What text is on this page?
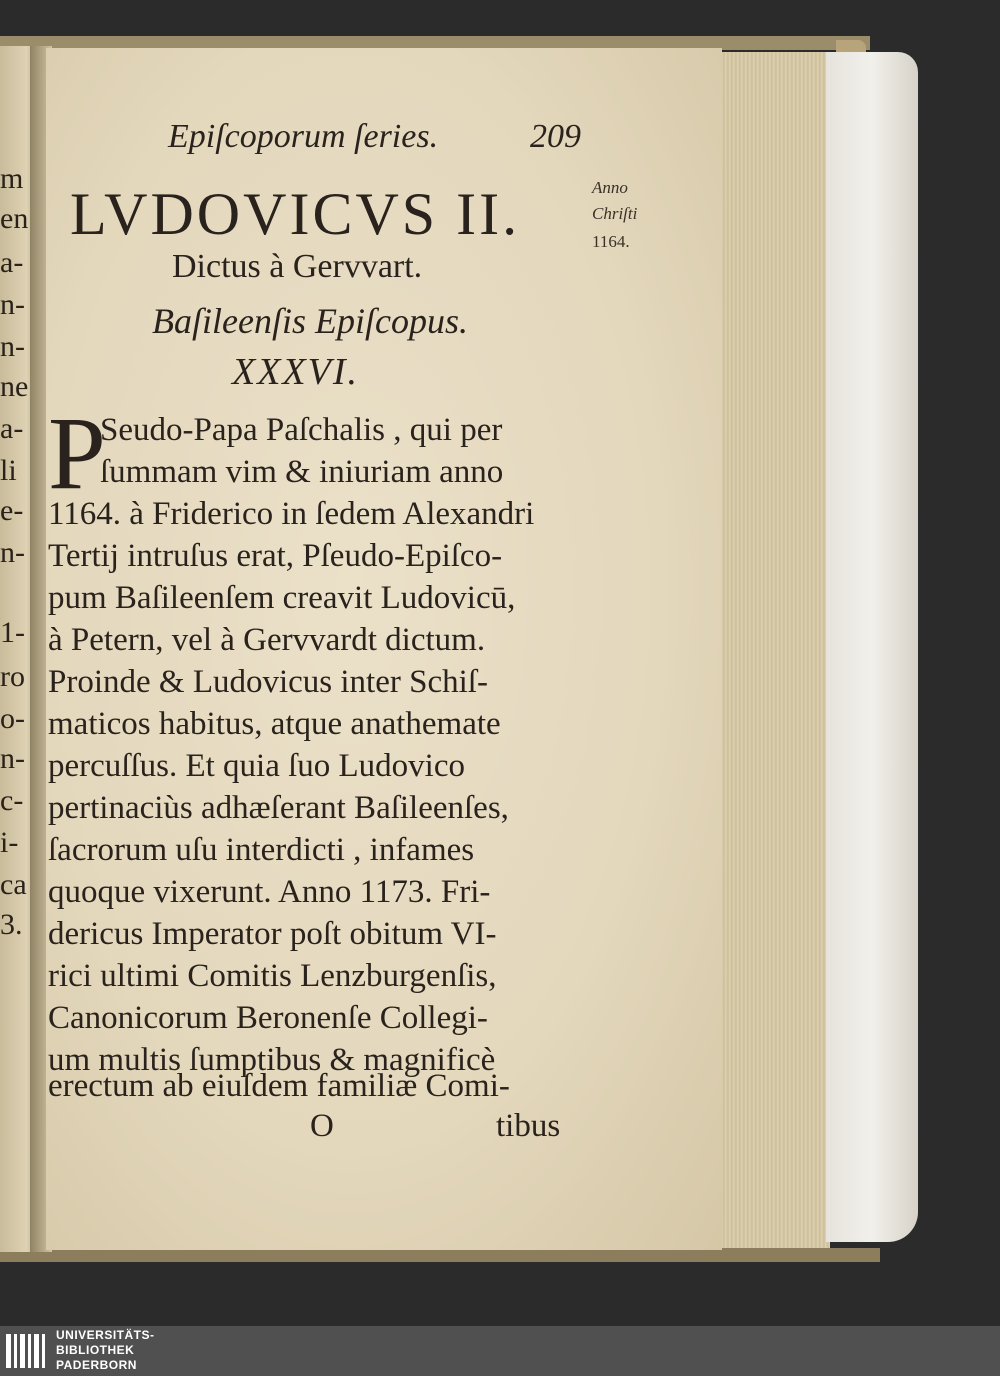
m
en
a-
n-
n-
ne
a-
li
e-
n-
1-
ro
o-
n-
c-
i-
ca
3.
Epiſcoporum ſeries.	209
LVDOVICVS II.
Dictus à Gervvart.
Baſileenſis Epiſcopus.
XXXVI.
Anno
Chriſti
1164.
P
Seudo-Papa Paſchalis , qui per
ſummam vim & iniuriam anno
1164. à Friderico in ſedem Alexandri
Tertij intruſus erat, Pſeudo-Epiſco-
pum Baſileenſem creavit Ludovicū,
à Petern, vel à Gervvardt dictum.
Proinde & Ludovicus inter Schiſ-
maticos habitus, atque anathemate
percuſſus. Et quia ſuo Ludovico
pertinaciùs adhæſerant Baſileenſes,
ſacrorum uſu interdicti , infames
quoque vixerunt. Anno 1173. Fri-
dericus Imperator poſt obitum VI-
rici ultimi Comitis Lenzburgenſis,
Canonicorum Beronenſe Collegi-
um multis ſumptibus & magnificè
erectum ab eiuſdem familiæ Comi-
O	tibus
UNIVERSITÄTS-
BIBLIOTHEK
PADERBORN
